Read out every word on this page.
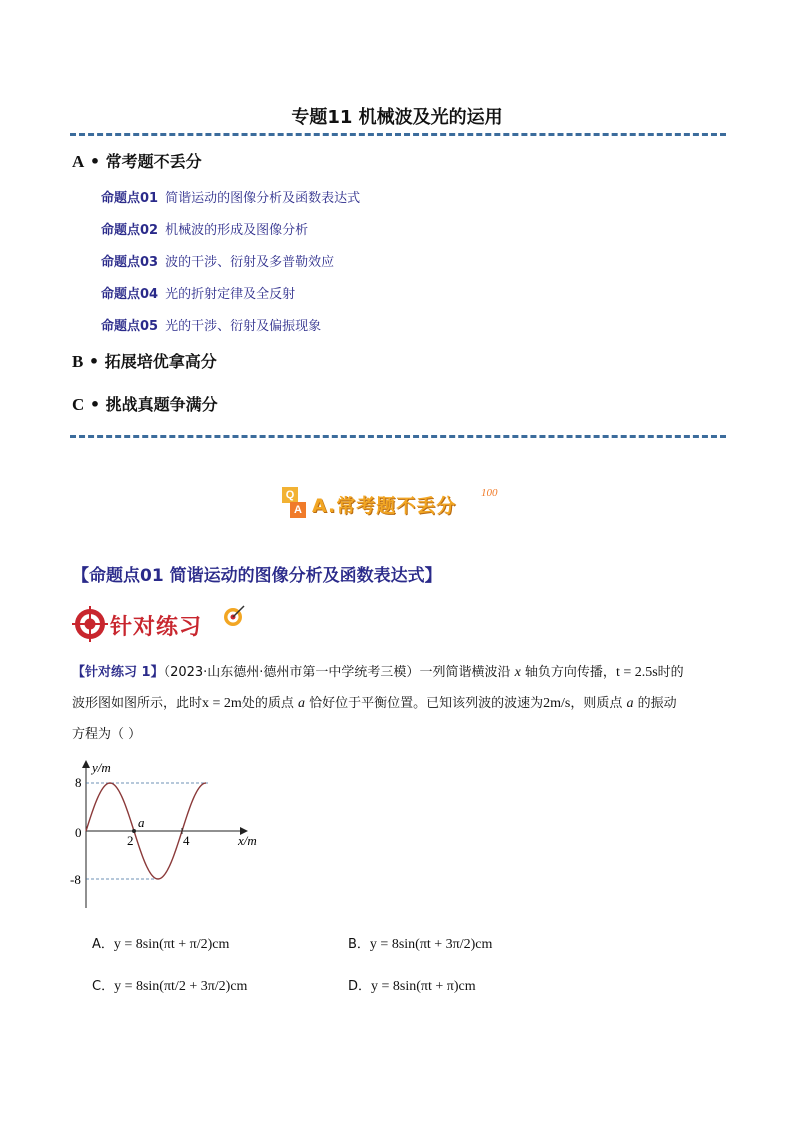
专题11 机械波及光的运用
A • 常考题不丢分
命题点01 简谐运动的图像分析及函数表达式
命题点02 机械波的形成及图像分析
命题点03 波的干涉、衍射及多普勒效应
命题点04 光的折射定律及全反射
命题点05 光的干涉、衍射及偏振现象
B • 拓展培优拿高分
C • 挑战真题争满分
Q
A A.常考题不丢分
100
【命题点01 简谐运动的图像分析及函数表达式】
针对练习
【针对练习 1】（2023·山东德州·德州市第一中学统考三模）一列简谐横波沿 x 轴负方向传播，t = 2.5s时的
波形图如图所示，此时x = 2m处的质点 a 恰好位于平衡位置。已知该列波的波速为2m/s，则质点 a 的振动
方程为（ ）
y/m
x/m
8
0
-8
2	4
a
A．y = 8sin(πt + π/2)cm	B．y = 8sin(πt + 3π/2)cm
C．y = 8sin(πt/2 + 3π/2)cm	D．y = 8sin(πt + π)cm
